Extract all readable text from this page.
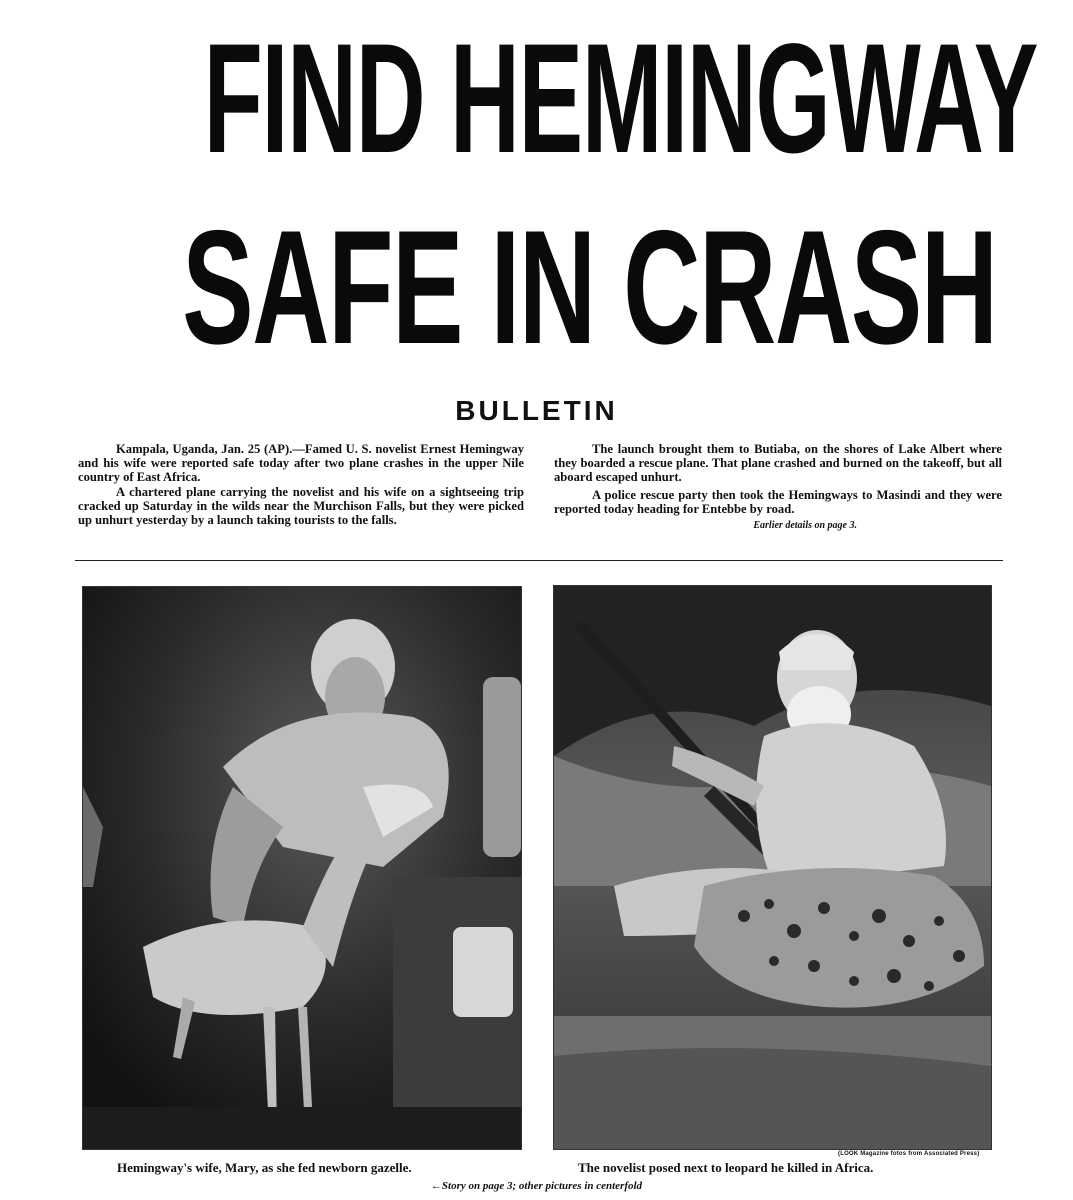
FIND HEMINGWAY
SAFE IN CRASH
BULLETIN

Kampala, Uganda, Jan. 25 (AP).—Famed U. S. novelist Ernest Hemingway and his wife were reported safe today after two plane crashes in the upper Nile country of East Africa.

A chartered plane carrying the novelist and his wife on a sightseeing trip cracked up Saturday in the wilds near the Murchison Falls, but they were picked up unhurt yesterday by a launch taking tourists to the falls.

The launch brought them to Butiaba, on the shores of Lake Albert where they boarded a rescue plane. That plane crashed and burned on the takeoff, but all aboard escaped unhurt.

A police rescue party then took the Hemingways to Masindi and they were reported today heading for Entebbe by road.

Earlier details on page 3.
(LOOK Magazine fotos from Associated Press)
Hemingway's wife, Mary, as she fed newborn gazelle.	The novelist posed next to leopard he killed in Africa.
←Story on page 3; other pictures in centerfold
